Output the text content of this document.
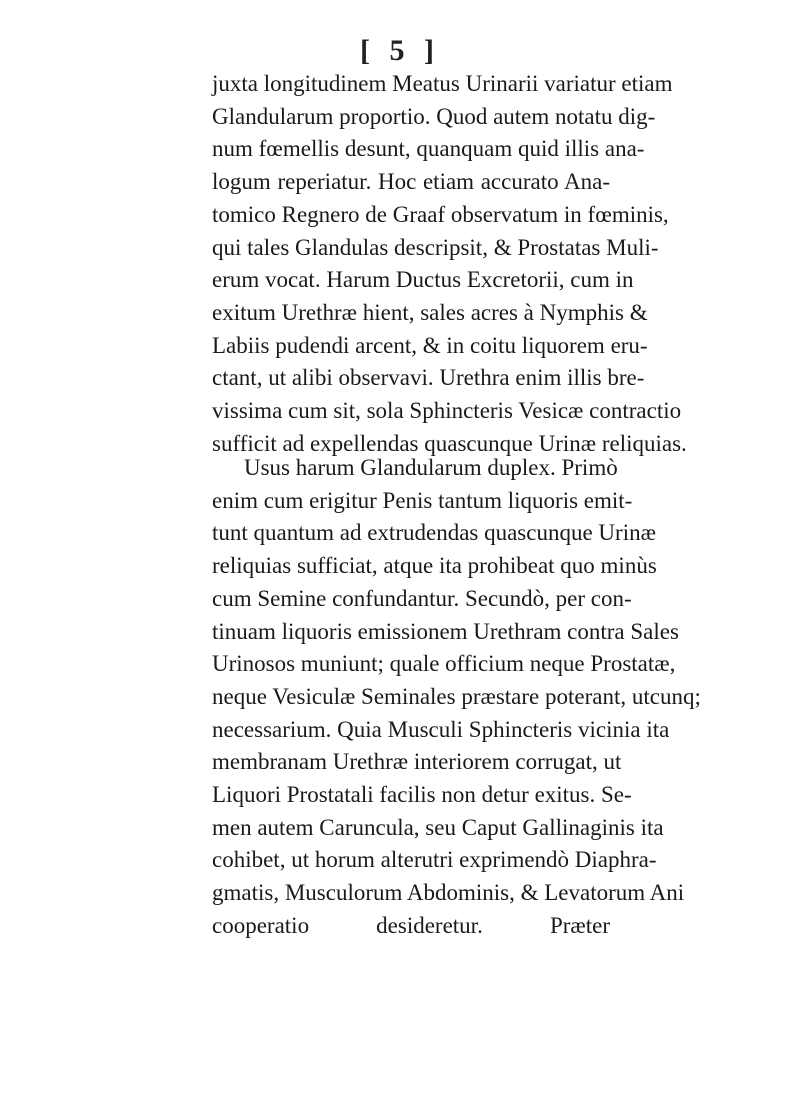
[ 5 ]
juxta longitudinem Meatus Urinarii variatur etiam
Glandularum proportio. Quod autem notatu dig-
num fœmellis desunt, quanquam quid illis ana-
logum reperiatur. Hoc etiam accurato Ana-
tomico Regnero de Graaf observatum in fœminis,
qui tales Glandulas descripsit, & Prostatas Muli-
erum vocat. Harum Ductus Excretorii, cum in
exitum Urethræ hient, sales acres à Nymphis &
Labiis pudendi arcent, & in coitu liquorem eru-
ctant, ut alibi observavi. Urethra enim illis bre-
vissima cum sit, sola Sphincteris Vesicæ contractio
sufficit ad expellendas quascunque Urinæ reliquias.
Usus harum Glandularum duplex. Primò
enim cum erigitur Penis tantum liquoris emit-
tunt quantum ad extrudendas quascunque Urinæ
reliquias sufficiat, atque ita prohibeat quo minùs
cum Semine confundantur. Secundò, per con-
tinuam liquoris emissionem Urethram contra Sales
Urinosos muniunt; quale officium neque Prostatæ,
neque Vesiculæ Seminales præstare poterant, utcunq;
necessarium. Quia Musculi Sphincteris vicinia ita
membranam Urethræ interiorem corrugat, ut
Liquori Prostatali facilis non detur exitus. Se-
men autem Caruncula, seu Caput Gallinaginis ita
cohibet, ut horum alterutri exprimendò Diaphra-
gmatis, Musculorum Abdominis, & Levatorum Ani
cooperatio desideretur.	Præter
